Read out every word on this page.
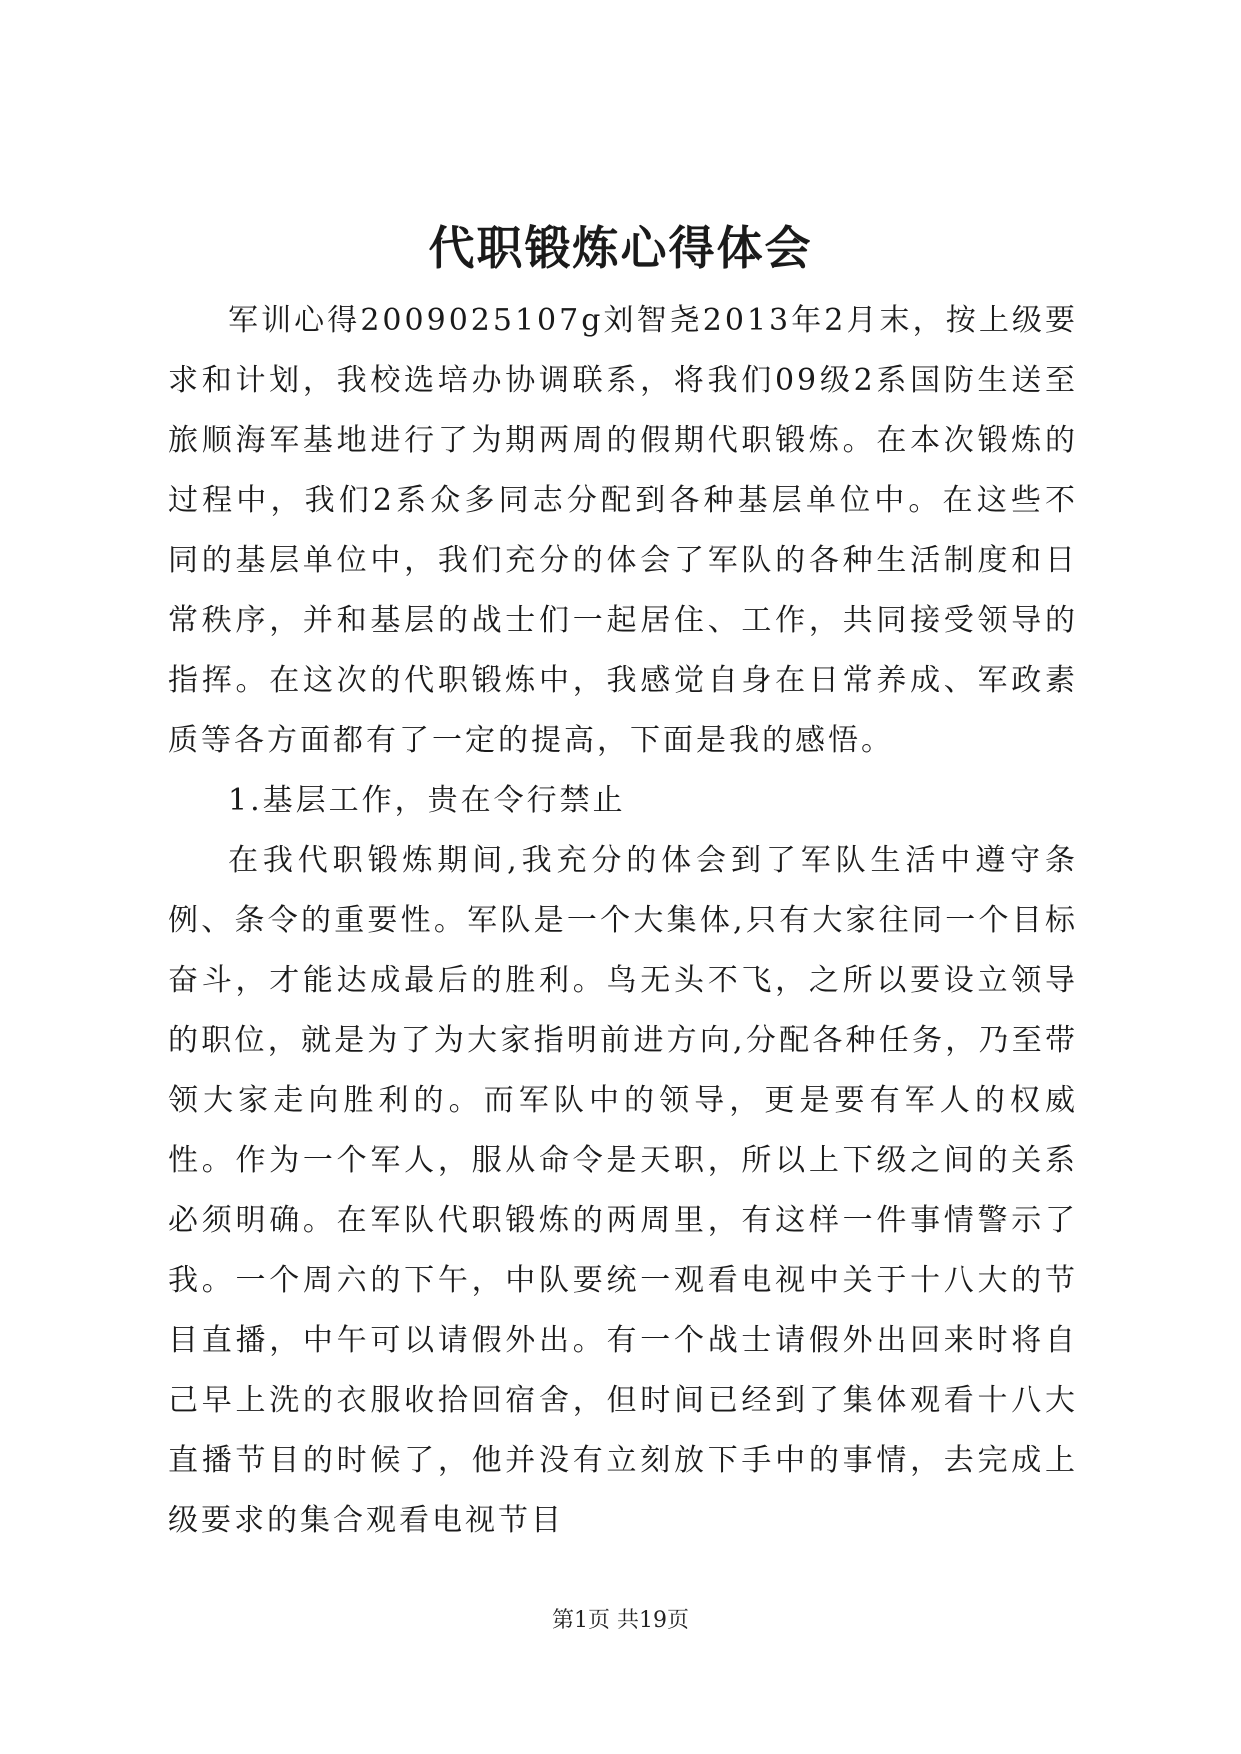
代职锻炼心得体会

军训心得2009025107g刘智尧2013年2月末，按上级要求和计划，我校选培办协调联系，将我们09级2系国防生送至旅顺海军基地进行了为期两周的假期代职锻炼。在本次锻炼的过程中，我们2系众多同志分配到各种基层单位中。在这些不同的基层单位中，我们充分的体会了军队的各种生活制度和日常秩序，并和基层的战士们一起居住、工作，共同接受领导的指挥。在这次的代职锻炼中，我感觉自身在日常养成、军政素质等各方面都有了一定的提高，下面是我的感悟。

1.基层工作，贵在令行禁止

在我代职锻炼期间,我充分的体会到了军队生活中遵守条例、条令的重要性。军队是一个大集体,只有大家往同一个目标奋斗，才能达成最后的胜利。鸟无头不飞，之所以要设立领导的职位，就是为了为大家指明前进方向,分配各种任务，乃至带领大家走向胜利的。而军队中的领导，更是要有军人的权威性。作为一个军人，服从命令是天职，所以上下级之间的关系必须明确。在军队代职锻炼的两周里，有这样一件事情警示了我。一个周六的下午，中队要统一观看电视中关于十八大的节目直播，中午可以请假外出。有一个战士请假外出回来时将自己早上洗的衣服收拾回宿舍，但时间已经到了集体观看十八大直播节目的时候了，他并没有立刻放下手中的事情，去完成上级要求的集合观看电视节目

第1页 共19页
